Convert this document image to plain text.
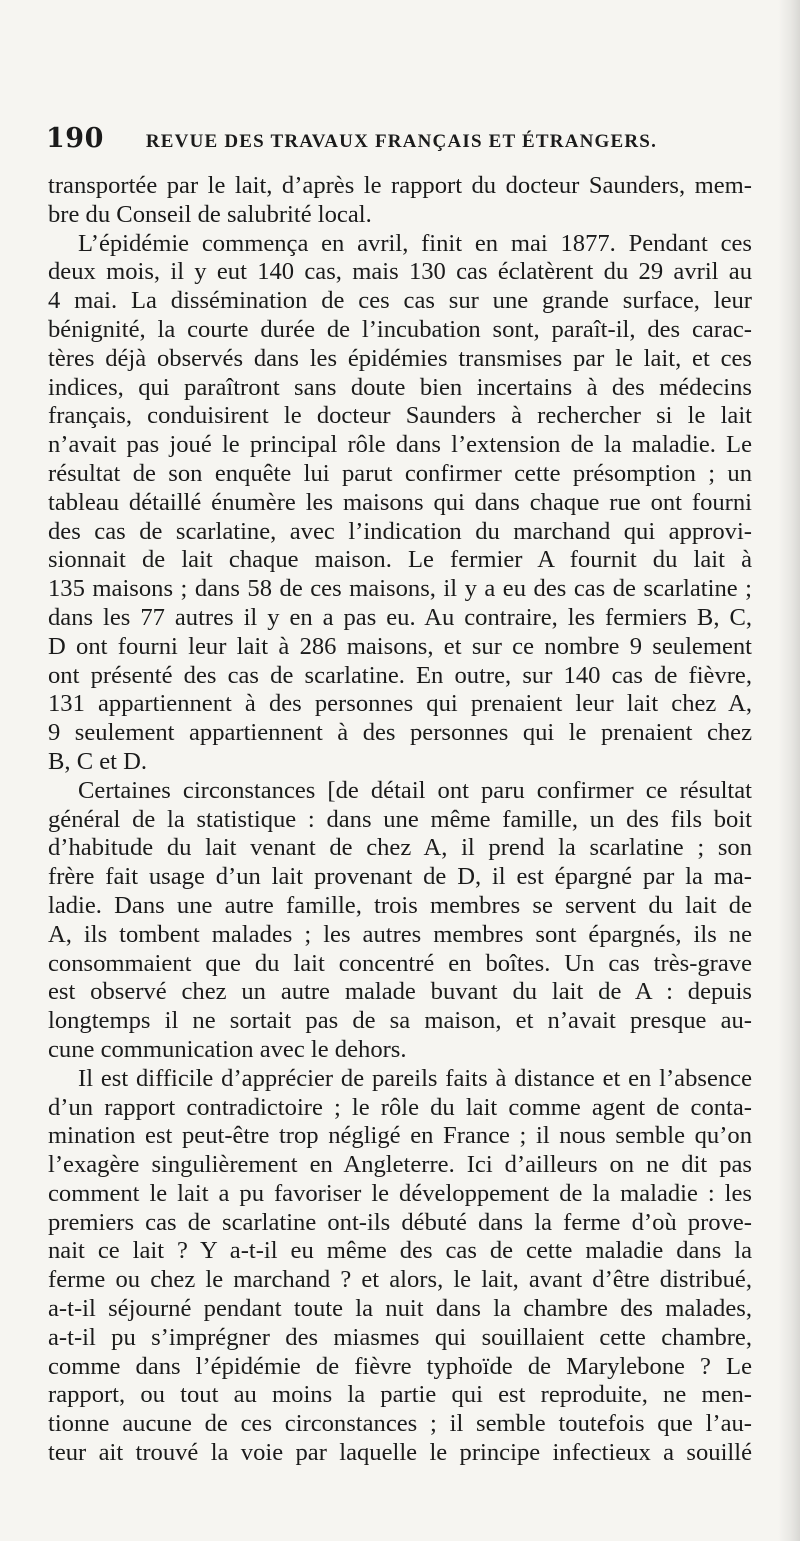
190 REVUE DES TRAVAUX FRANÇAIS ET ÉTRANGERS.
transportée par le lait, d’après le rapport du docteur Saunders, mem-
bre du Conseil de salubrité local.
L’épidémie commença en avril, finit en mai 1877. Pendant ces
deux mois, il y eut 140 cas, mais 130 cas éclatèrent du 29 avril au
4 mai. La dissémination de ces cas sur une grande surface, leur
bénignité, la courte durée de l’incubation sont, paraît-il, des carac-
tères déjà observés dans les épidémies transmises par le lait, et ces
indices, qui paraîtront sans doute bien incertains à des médecins
français, conduisirent le docteur Saunders à rechercher si le lait
n’avait pas joué le principal rôle dans l’extension de la maladie. Le
résultat de son enquête lui parut confirmer cette présomption ; un
tableau détaillé énumère les maisons qui dans chaque rue ont fourni
des cas de scarlatine, avec l’indication du marchand qui approvi-
sionnait de lait chaque maison. Le fermier A fournit du lait à
135 maisons ; dans 58 de ces maisons, il y a eu des cas de scarlatine ;
dans les 77 autres il y en a pas eu. Au contraire, les fermiers B, C,
D ont fourni leur lait à 286 maisons, et sur ce nombre 9 seulement
ont présenté des cas de scarlatine. En outre, sur 140 cas de fièvre,
131 appartiennent à des personnes qui prenaient leur lait chez A,
9 seulement appartiennent à des personnes qui le prenaient chez
B, C et D.
Certaines circonstances [de détail ont paru confirmer ce résultat
général de la statistique : dans une même famille, un des fils boit
d’habitude du lait venant de chez A, il prend la scarlatine ; son
frère fait usage d’un lait provenant de D, il est épargné par la ma-
ladie. Dans une autre famille, trois membres se servent du lait de
A, ils tombent malades ; les autres membres sont épargnés, ils ne
consommaient que du lait concentré en boîtes. Un cas très-grave
est observé chez un autre malade buvant du lait de A : depuis
longtemps il ne sortait pas de sa maison, et n’avait presque au-
cune communication avec le dehors.
Il est difficile d’apprécier de pareils faits à distance et en l’absence
d’un rapport contradictoire ; le rôle du lait comme agent de conta-
mination est peut-être trop négligé en France ; il nous semble qu’on
l’exagère singulièrement en Angleterre. Ici d’ailleurs on ne dit pas
comment le lait a pu favoriser le développement de la maladie : les
premiers cas de scarlatine ont-ils débuté dans la ferme d’où prove-
nait ce lait ? Y a-t-il eu même des cas de cette maladie dans la
ferme ou chez le marchand ? et alors, le lait, avant d’être distribué,
a-t-il séjourné pendant toute la nuit dans la chambre des malades,
a-t-il pu s’imprégner des miasmes qui souillaient cette chambre,
comme dans l’épidémie de fièvre typhoïde de Marylebone ? Le
rapport, ou tout au moins la partie qui est reproduite, ne men-
tionne aucune de ces circonstances ; il semble toutefois que l’au-
teur ait trouvé la voie par laquelle le principe infectieux a souillé
